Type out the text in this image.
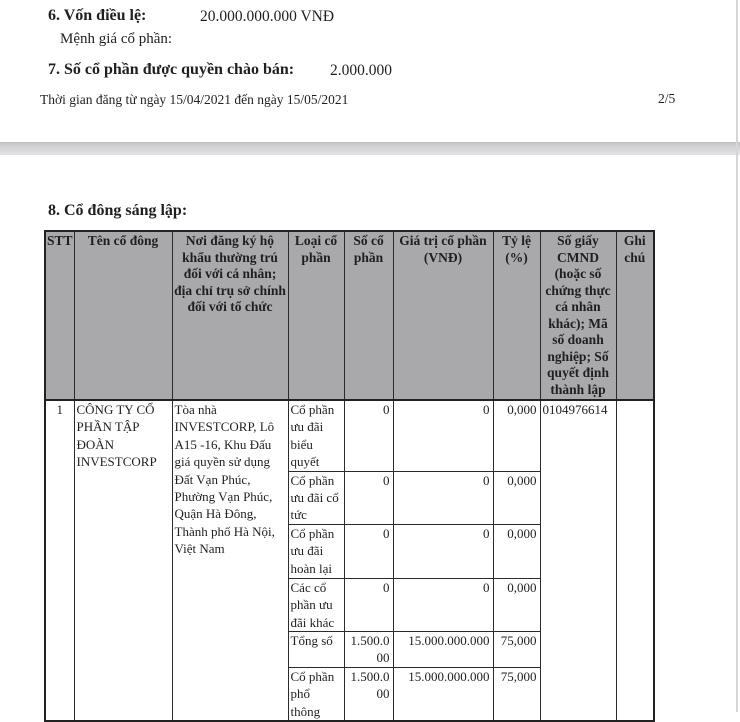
6. Vốn điều lệ:	20.000.000.000 VNĐ
Mệnh giá cổ phần:
7. Số cổ phần được quyền chào bán: 2.000.000
Thời gian đăng từ ngày 15/04/2021 đến ngày 15/05/2021	2/5
8. Cổ đông sáng lập:
STT	Tên cổ đông	Nơi đăng ký hộ khẩu thường trú đối với cá nhân; địa chỉ trụ sở chính đối với tổ chức	Loại cổ phần	Số cổ phần	Giá trị cổ phần (VNĐ)	Tỷ lệ (%)	Số giấy CMND (hoặc số chứng thực cá nhân khác); Mã số doanh nghiệp; Số quyết định thành lập	Ghi chú
1	CÔNG TY CỔ PHẦN TẬP ĐOÀN INVESTCORP	Tòa nhà INVESTCORP, Lô A15 -16, Khu Đấu giá quyền sử dụng Đất Vạn Phúc, Phường Vạn Phúc, Quận Hà Đông, Thành phố Hà Nội, Việt Nam	Cổ phần ưu đãi biểu quyết	0	0	0,000	0104976614	
			Cổ phần ưu đãi cổ tức	0	0	0,000		
			Cổ phần ưu đãi hoàn lại	0	0	0,000		
			Các cổ phần ưu đãi khác	0	0	0,000		
			Tổng số	1.500.000	15.000.000.000	75,000		
			Cổ phần phổ thông	1.500.000	15.000.000.000	75,000		
